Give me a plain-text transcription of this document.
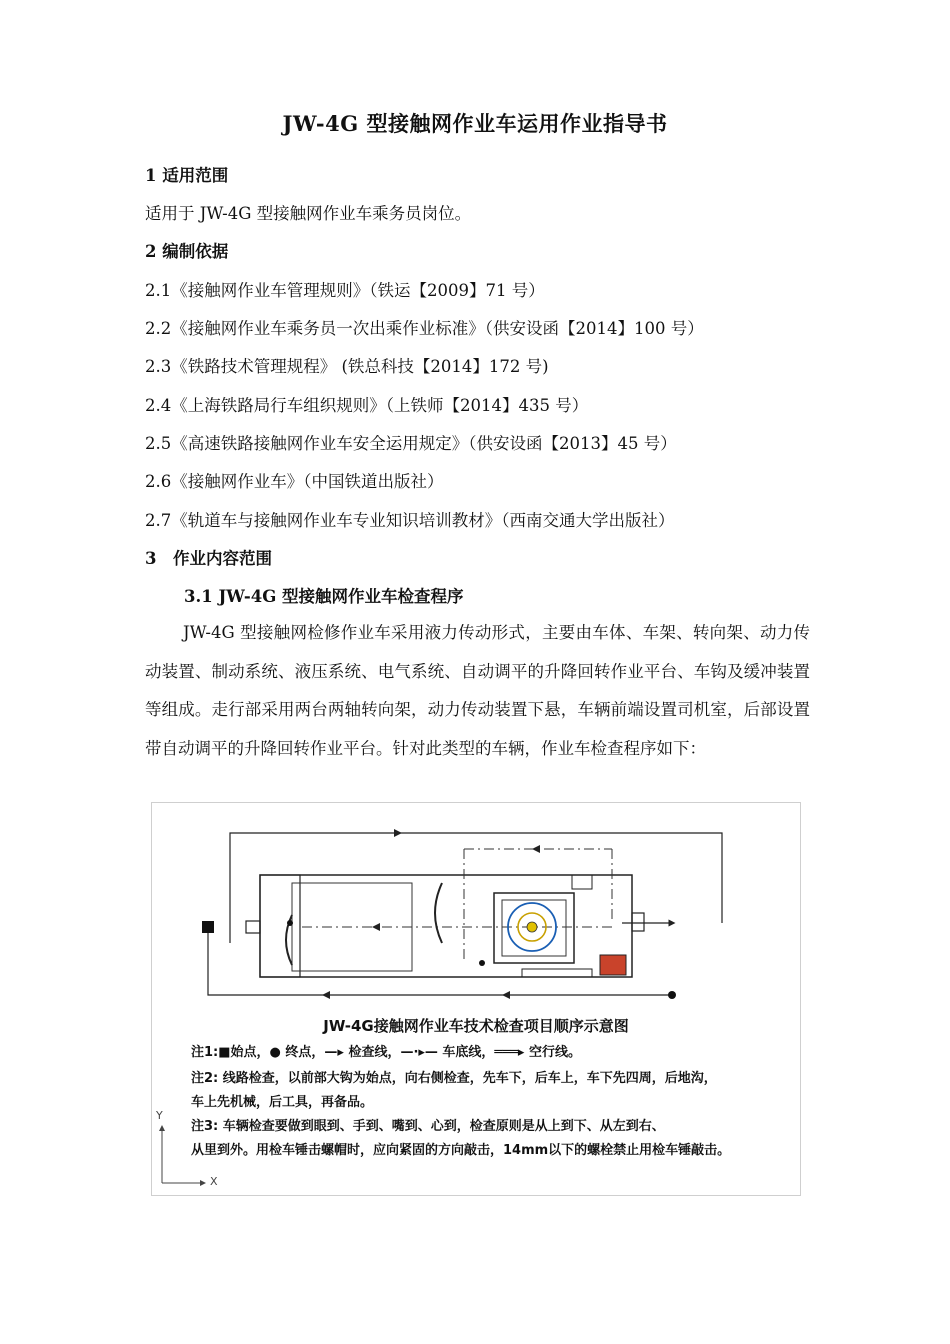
JW-4G 型接触网作业车运用作业指导书
1 适用范围
适用于 JW-4G 型接触网作业车乘务员岗位。
2 编制依据
2.1《接触网作业车管理规则》（铁运【2009】71 号）
2.2《接触网作业车乘务员一次出乘作业标准》（供安设函【2014】100 号）
2.3《铁路技术管理规程》 (铁总科技【2014】172 号)
2.4《上海铁路局行车组织规则》（上铁师【2014】435 号）
2.5《高速铁路接触网作业车安全运用规定》（供安设函【2013】45 号）
2.6《接触网作业车》（中国铁道出版社）
2.7《轨道车与接触网作业车专业知识培训教材》（西南交通大学出版社）
3　作业内容范围
3.1 JW-4G 型接触网作业车检查程序
JW-4G 型接触网检修作业车采用液力传动形式，主要由车体、车架、转向架、动力传动装置、制动系统、液压系统、电气系统、自动调平的升降回转作业平台、车钩及缓冲装置等组成。走行部采用两台两轴转向架，动力传动装置下悬，车辆前端设置司机室，后部设置带自动调平的升降回转作业平台。针对此类型的车辆，作业车检查程序如下：
JW-4G接触网作业车技术检查项目顺序示意图
注1:■始点，● 终点，—▸ 检查线，—·▸— 车底线，═══▸ 空行线。
注2: 线路检查，以前部大钩为始点，向右侧检查，先车下，后车上，车下先四周，后地沟，
车上先机械，后工具，再备品。
注3: 车辆检查要做到眼到、手到、嘴到、心到，检查原则是从上到下、从左到右、
从里到外。用检车锤击螺帽时，应向紧固的方向敲击，14mm以下的螺栓禁止用检车锤敲击。
Y
X
